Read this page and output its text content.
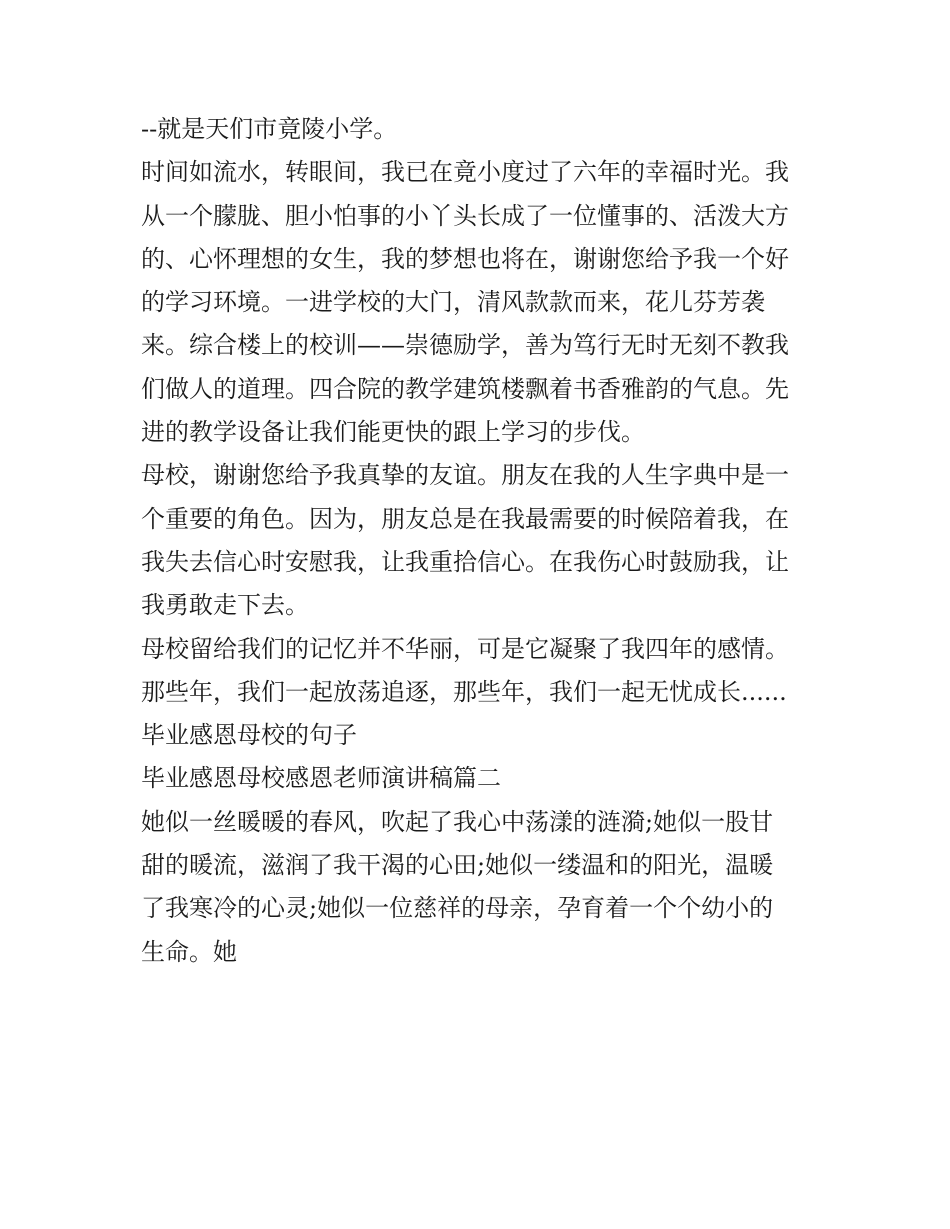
--就是天们市竟陵小学。

时间如流水，转眼间，我已在竟小度过了六年的幸福时光。我

从一个朦胧、胆小怕事的小丫头长成了一位懂事的、活泼大方

的、心怀理想的女生，我的梦想也将在，谢谢您给予我一个好

的学习环境。一进学校的大门，清风款款而来，花儿芬芳袭

来。综合楼上的校训——崇德励学，善为笃行无时无刻不教我

们做人的道理。四合院的教学建筑楼飘着书香雅韵的气息。先

进的教学设备让我们能更快的跟上学习的步伐。

母校，谢谢您给予我真挚的友谊。朋友在我的人生字典中是一

个重要的角色。因为，朋友总是在我最需要的时候陪着我，在

我失去信心时安慰我，让我重拾信心。在我伤心时鼓励我，让

我勇敢走下去。

母校留给我们的记忆并不华丽，可是它凝聚了我四年的感情。

那些年，我们一起放荡追逐，那些年，我们一起无忧成长......

毕业感恩母校的句子

毕业感恩母校感恩老师演讲稿篇二

她似一丝暖暖的春风，吹起了我心中荡漾的涟漪;她似一股甘

甜的暖流，滋润了我干渴的心田;她似一缕温和的阳光，温暖

了我寒冷的心灵;她似一位慈祥的母亲，孕育着一个个幼小的

生命。她
